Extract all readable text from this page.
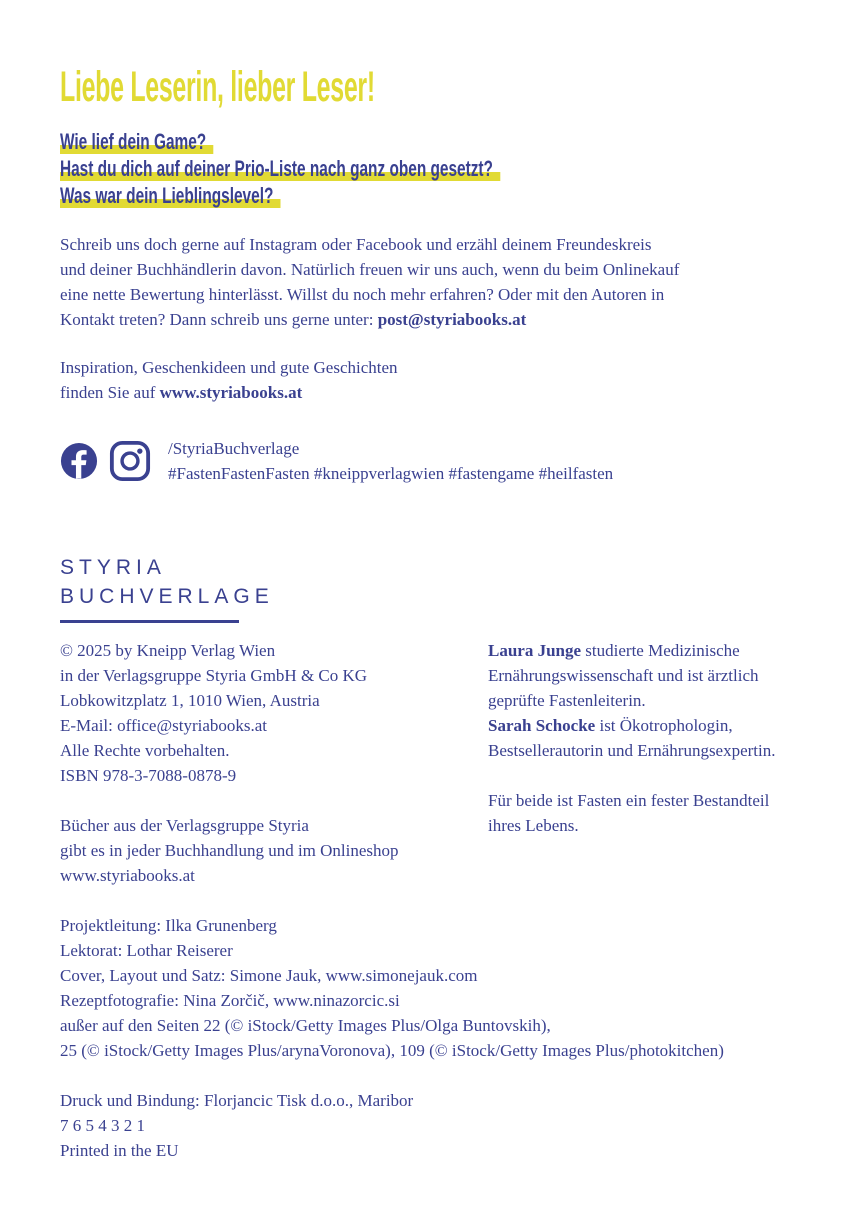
Liebe Leserin, lieber Leser!
Wie lief dein Game?
Hast du dich auf deiner Prio-Liste nach ganz oben gesetzt?
Was war dein Lieblingslevel?

Schreib uns doch gerne auf Instagram oder Facebook und erzähl deinem Freundeskreis
und deiner Buchhändlerin davon. Natürlich freuen wir uns auch, wenn du beim Onlinekauf
eine nette Bewertung hinterlässt. Willst du noch mehr erfahren? Oder mit den Autoren in
Kontakt treten? Dann schreib uns gerne unter: post@styriabooks.at

Inspiration, Geschenkideen und gute Geschichten
finden Sie auf www.styriabooks.at

/StyriaBuchverlage
#FastenFastenFasten #kneippverlagwien #fastengame #heilfasten
STYRIA
BUCHVERLAGE

© 2025 by Kneipp Verlag Wien
in der Verlagsgruppe Styria GmbH & Co KG
Lobkowitzplatz 1, 1010 Wien, Austria
E-Mail: office@styriabooks.at
Alle Rechte vorbehalten.
ISBN 978-3-7088-0878-9

Bücher aus der Verlagsgruppe Styria
gibt es in jeder Buchhandlung und im Onlineshop
www.styriabooks.at

Projektleitung: Ilka Grunenberg
Lektorat: Lothar Reiserer
Cover, Layout und Satz: Simone Jauk, www.simonejauk.com
Rezeptfotografie: Nina Zorčič, www.ninazorcic.si
außer auf den Seiten 22 (© iStock/Getty Images Plus/Olga Buntovskih),
25 (© iStock/Getty Images Plus/arynaVoronova), 109 (© iStock/Getty Images Plus/photokitchen)

Druck und Bindung: Florjancic Tisk d.o.o., Maribor
7 6 5 4 3 2 1
Printed in the EU

Laura Junge studierte Medizinische
Ernährungswissenschaft und ist ärztlich
geprüfte Fastenleiterin.
Sarah Schocke ist Ökotrophologin,
Bestsellerautorin und Ernährungsexpertin.

Für beide ist Fasten ein fester Bestandteil
ihres Lebens.
